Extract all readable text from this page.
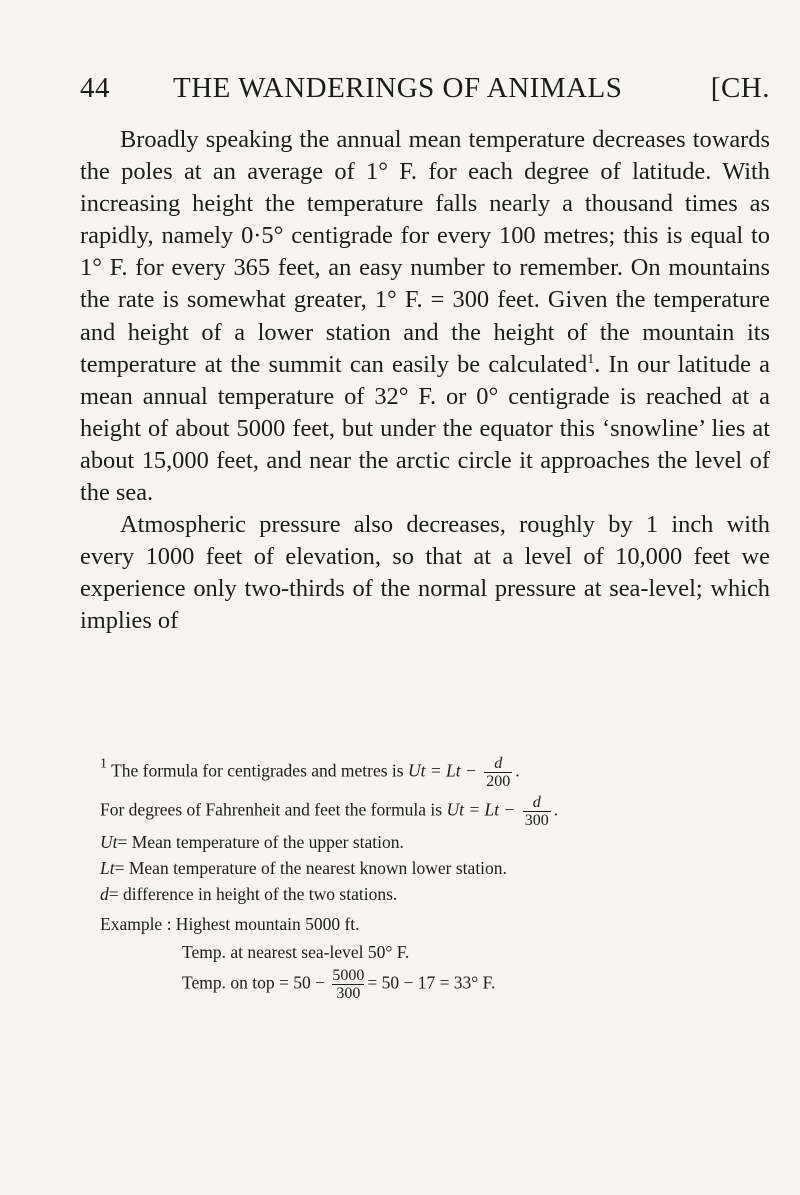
44 THE WANDERINGS OF ANIMALS	[CH.

Broadly speaking the annual mean temperature decreases towards the poles at an average of 1° F. for each degree of latitude. With increasing height the temperature falls nearly a thousand times as rapidly, namely 0·5° centigrade for every 100 metres; this is equal to 1° F. for every 365 feet, an easy number to remember. On mountains the rate is somewhat greater, 1° F. = 300 feet. Given the temperature and height of a lower station and the height of the mountain its temperature at the summit can easily be calculated$^1$. In our latitude a mean annual temperature of 32° F. or 0° centigrade is reached at a height of about 5000 feet, but under the equator this ‘snowline’ lies at about 15,000 feet, and near the arctic circle it approaches the level of the sea.

Atmospheric pressure also decreases, roughly by 1 inch with every 1000 feet of elevation, so that at a level of 10,000 feet we experience only two-thirds of the normal pressure at sea-level; which implies of

$^1$ The formula for centigrades and metres is $Ut = Lt - \frac{d}{200}$ .
For degrees of Fahrenheit and feet the formula is $Ut = Lt - \frac{d}{300}$ .
Ut= Mean temperature of the upper station.
Lt= Mean temperature of the nearest known lower station.
d= difference in height of the two stations.
Example : Highest mountain 5000 ft.
Temp. at nearest sea-level 50° F.
Temp. on top = $50 - \frac{5000}{300} = 50 - 17 = 33^\circ$ F.
